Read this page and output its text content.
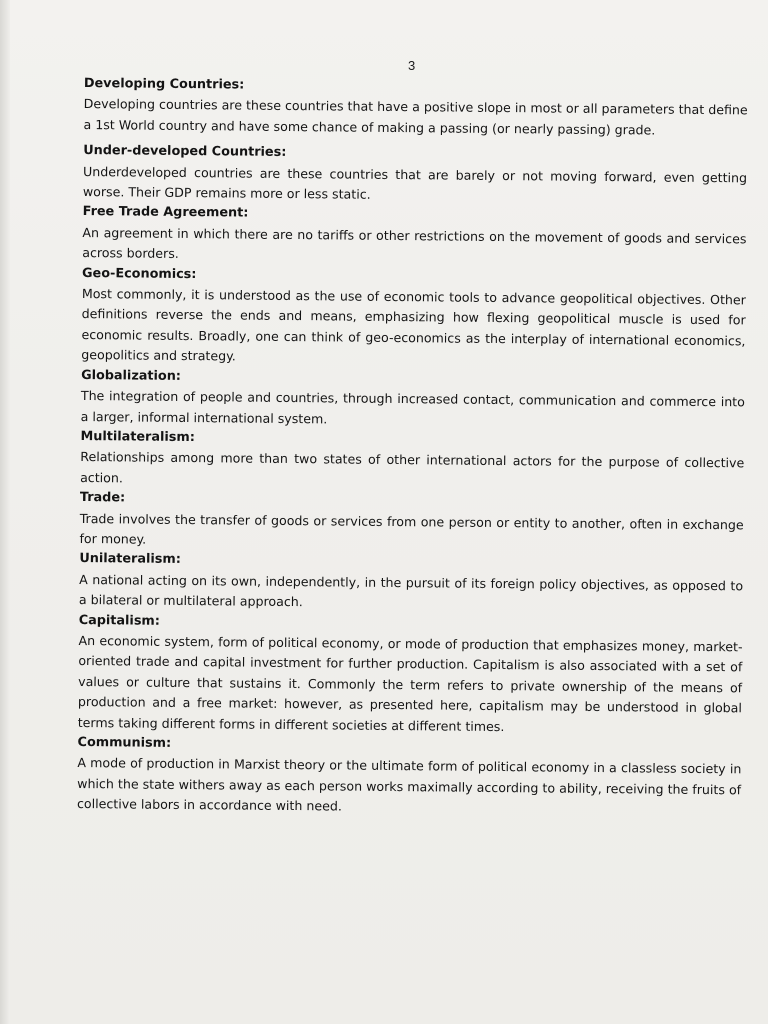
3

Developing Countries:

Developing countries are these countries that have a positive slope in most or all parameters that define a 1st World country and have some chance of making a passing (or nearly passing) grade.

Under-developed Countries:

Underdeveloped countries are these countries that are barely or not moving forward, even getting worse. Their GDP remains more or less static.

Free Trade Agreement:

An agreement in which there are no tariffs or other restrictions on the movement of goods and services across borders.

Geo-Economics:

Most commonly, it is understood as the use of economic tools to advance geopolitical objectives. Other definitions reverse the ends and means, emphasizing how flexing geopolitical muscle is used for economic results. Broadly, one can think of geo-economics as the interplay of international economics, geopolitics and strategy.

Globalization:

The integration of people and countries, through increased contact, communication and commerce into a larger, informal international system.

Multilateralism:

Relationships among more than two states of other international actors for the purpose of collective action.

Trade:

Trade involves the transfer of goods or services from one person or entity to another, often in exchange for money.

Unilateralism:

A national acting on its own, independently, in the pursuit of its foreign policy objectives, as opposed to a bilateral or multilateral approach.

Capitalism:

An economic system, form of political economy, or mode of production that emphasizes money, market-oriented trade and capital investment for further production. Capitalism is also associated with a set of values or culture that sustains it. Commonly the term refers to private ownership of the means of production and a free market: however, as presented here, capitalism may be understood in global terms taking different forms in different societies at different times.

Communism:

A mode of production in Marxist theory or the ultimate form of political economy in a classless society in which the state withers away as each person works maximally according to ability, receiving the fruits of collective labors in accordance with need.
